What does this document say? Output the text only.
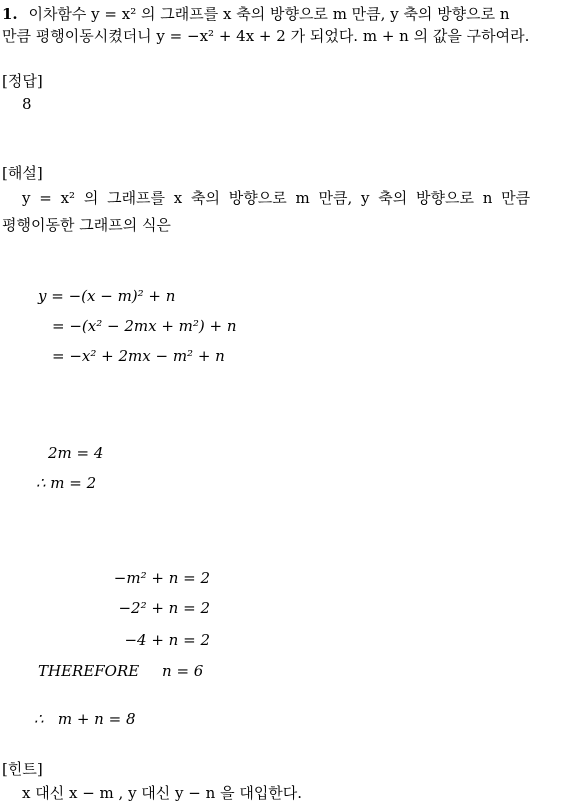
1. 이차함수 y = x² 의 그래프를 x 축의 방향으로 m 만큼, y 축의 방향으로 n
만큼 평행이동시켰더니 y = −x² + 4x + 2 가 되었다. m + n 의 값을 구하여라.
[정답]
8
[해설]
y = x² 의 그래프를 x 축의 방향으로 m 만큼, y 축의 방향으로 n 만큼
평행이동한 그래프의 식은
y = −(x − m)² + n
= −(x² − 2mx + m²) + n
= −x² + 2mx − m² + n
2m = 4
∴ m = 2
−m² + n = 2
−2² + n = 2
−4 + n = 2
THEREFORE n = 6
∴   m + n = 8
[힌트]
x 대신 x − m , y 대신 y − n 을 대입한다.
